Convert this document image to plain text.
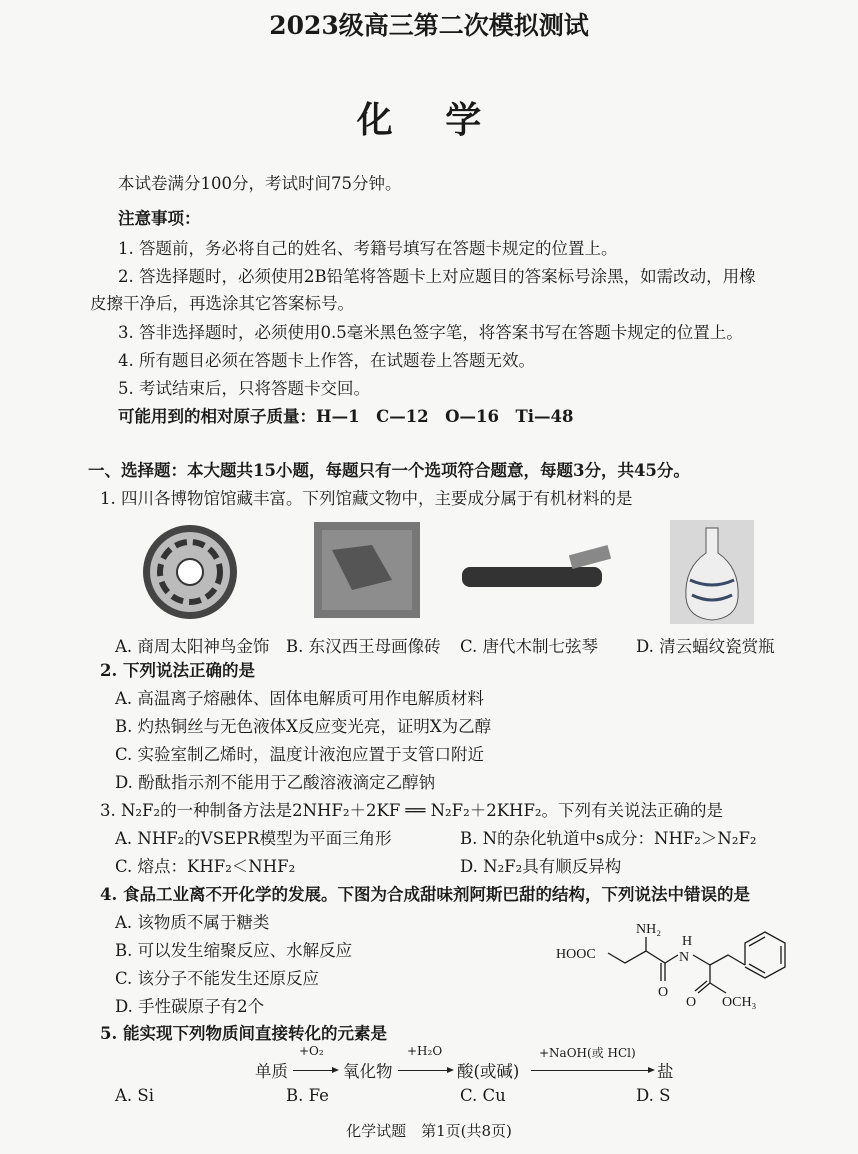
2023级高三第二次模拟测试
化 学
本试卷满分100分，考试时间75分钟。
注意事项：
1. 答题前，务必将自己的姓名、考籍号填写在答题卡规定的位置上。
2. 答选择题时，必须使用2B铅笔将答题卡上对应题目的答案标号涂黑，如需改动，用橡
皮擦干净后，再选涂其它答案标号。
3. 答非选择题时，必须使用0.5毫米黑色签字笔，将答案书写在答题卡规定的位置上。
4. 所有题目必须在答题卡上作答，在试题卷上答题无效。
5. 考试结束后，只将答题卡交回。
可能用到的相对原子质量：H—1　C—12　O—16　Ti—48
一、选择题：本大题共15小题，每题只有一个选项符合题意，每题3分，共45分。
1. 四川各博物馆馆藏丰富。下列馆藏文物中，主要成分属于有机材料的是
A. 商周太阳神鸟金饰 B. 东汉西王母画像砖 C. 唐代木制七弦琴 D. 清云蝠纹瓷赏瓶
2. 下列说法正确的是
A. 高温离子熔融体、固体电解质可用作电解质材料
B. 灼热铜丝与无色液体X反应变光亮，证明X为乙醇
C. 实验室制乙烯时，温度计液泡应置于支管口附近
D. 酚酞指示剂不能用于乙酸溶液滴定乙醇钠
3. N₂F₂的一种制备方法是2NHF₂＋2KF ══ N₂F₂＋2KHF₂。下列有关说法正确的是
A. NHF₂的VSEPR模型为平面三角形	B. N的杂化轨道中s成分：NHF₂＞N₂F₂
C. 熔点：KHF₂＜NHF₂	D. N₂F₂具有顺反异构
4. 食品工业离不开化学的发展。下图为合成甜味剂阿斯巴甜的结构，下列说法中错误的是
A. 该物质不属于糖类
B. 可以发生缩聚反应、水解反应
C. 该分子不能发生还原反应
D. 手性碳原子有2个
HOOC
NH₂
H
N
O
O OCH₃
5. 能实现下列物质间直接转化的元素是
单质
+O₂
氧化物
+H₂O
酸(或碱)
+NaOH(或 HCl)
盐
A. Si	B. Fe	C. Cu	D. S
化学试题　第1页(共8页)
